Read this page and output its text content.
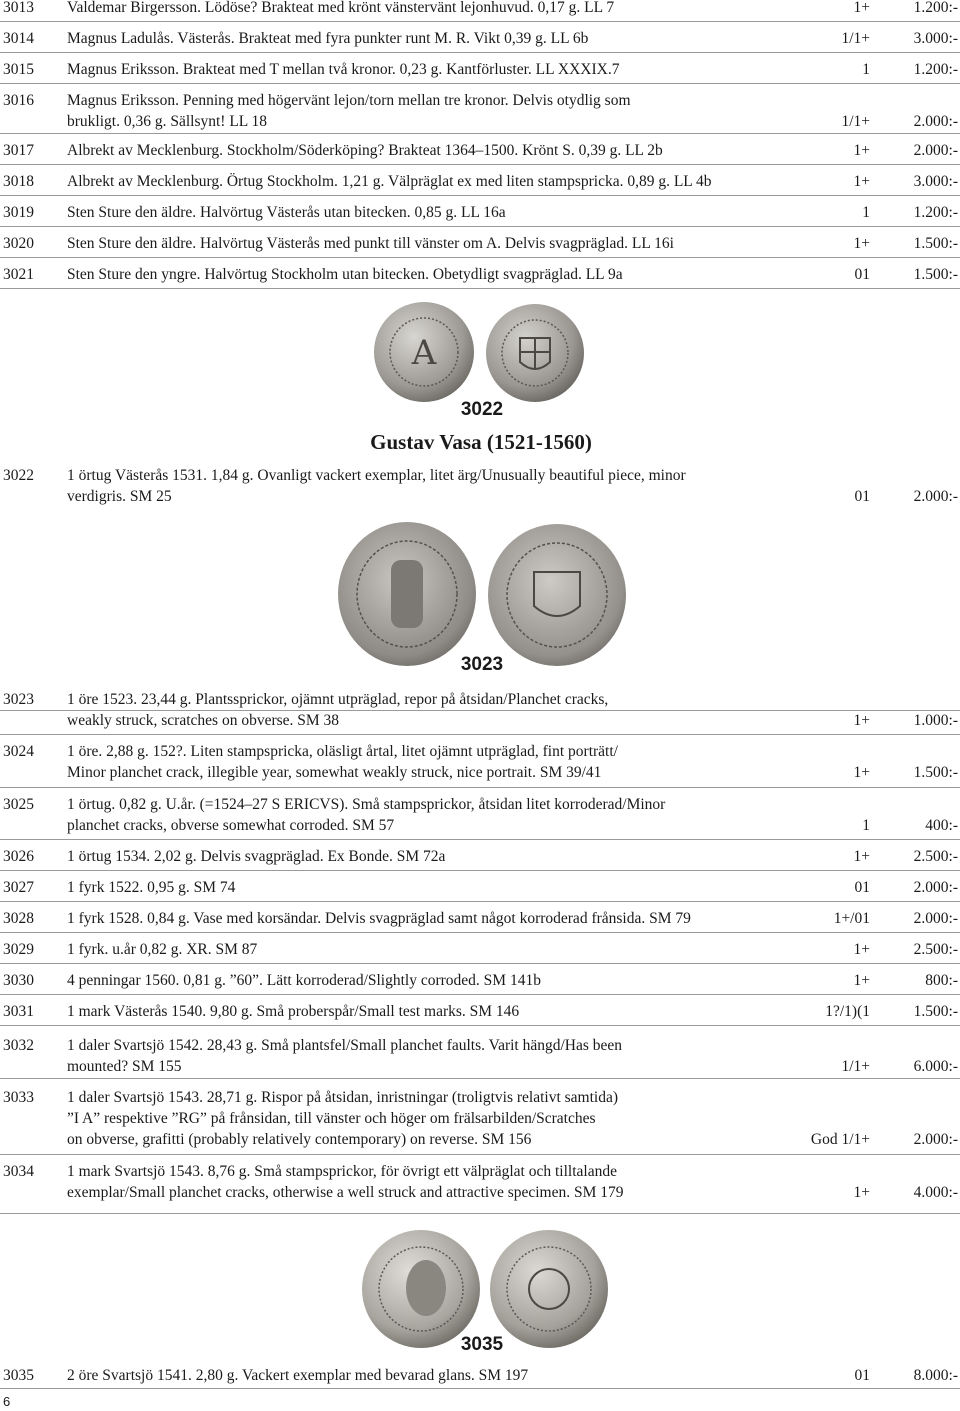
3013 Valdemar Birgersson. Lödöse? Brakteat med krönt vänstervänt lejonhuvud. 0,17 g. LL 7	1+	1.200:-
3014 Magnus Ladulås. Västerås. Brakteat med fyra punkter runt M. R. Vikt 0,39 g. LL 6b	1/1+	3.000:-
3015 Magnus Eriksson. Brakteat med T mellan två kronor. 0,23 g. Kantförluster. LL XXXIX.7	1	1.200:-
3016 Magnus Eriksson. Penning med högervänt lejon/torn mellan tre kronor. Delvis otydlig som
brukligt. 0,36 g. Sällsynt! LL 18	1/1+	2.000:-
3017 Albrekt av Mecklenburg. Stockholm/Söderköping? Brakteat 1364–1500. Krönt S. 0,39 g. LL 2b	1+	2.000:-
3018 Albrekt av Mecklenburg. Örtug Stockholm. 1,21 g. Välpräglat ex med liten stampspricka. 0,89 g. LL 4b	1+	3.000:-
3019 Sten Sture den äldre. Halvörtug Västerås utan bitecken. 0,85 g. LL 16a	1	1.200:-
3020 Sten Sture den äldre. Halvörtug Västerås med punkt till vänster om A. Delvis svagpräglad. LL 16i	1+	1.500:-
3021 Sten Sture den yngre. Halvörtug Stockholm utan bitecken. Obetydligt svagpräglad. LL 9a	01	1.500:-
3022 1 örtug Västerås 1531. 1,84 g. Ovanligt vackert exemplar, litet ärg/Unusually beautiful piece, minor
verdigris. SM 25	01	2.000:-
3023 1 öre 1523. 23,44 g. Plantssprickor, ojämnt utpräglad, repor på åtsidan/Planchet cracks,
weakly struck, scratches on obverse. SM 38	1+	1.000:-
3024 1 öre. 2,88 g. 152?. Liten stampspricka, oläsligt årtal, litet ojämnt utpräglad, fint porträtt/
Minor planchet crack, illegible year, somewhat weakly struck, nice portrait. SM 39/41	1+	1.500:-
3025 1 örtug. 0,82 g. U.år. (=1524–27 S ERICVS). Små stampsprickor, åtsidan litet korroderad/Minor
planchet cracks, obverse somewhat corroded. SM 57	1	400:-
3026 1 örtug 1534. 2,02 g. Delvis svagpräglad. Ex Bonde. SM 72a	1+	2.500:-
3027 1 fyrk 1522. 0,95 g. SM 74	01	2.000:-
3028 1 fyrk 1528. 0,84 g. Vase med korsändar. Delvis svagpräglad samt något korroderad frånsida. SM 79	1+/01	2.000:-
3029 1 fyrk. u.år 0,82 g. XR. SM 87	1+	2.500:-
3030 4 penningar 1560. 0,81 g. ”60”. Lätt korroderad/Slightly corroded. SM 141b	1+	800:-
3031 1 mark Västerås 1540. 9,80 g. Små proberspår/Small test marks. SM 146	1?/1)(1	1.500:-
3032 1 daler Svartsjö 1542. 28,43 g. Små plantsfel/Small planchet faults. Varit hängd/Has been
mounted? SM 155	1/1+	6.000:-
3033 1 daler Svartsjö 1543. 28,71 g. Rispor på åtsidan, inristningar (troligtvis relativt samtida)
”I A” respektive ”RG” på frånsidan, till vänster och höger om frälsarbilden/Scratches
on obverse, grafitti (probably relatively contemporary) on reverse. SM 156	God 1/1+	2.000:-
3034 1 mark Svartsjö 1543. 8,76 g. Små stampsprickor, för övrigt ett välpräglat och tilltalande
exemplar/Small planchet cracks, otherwise a well struck and attractive specimen. SM 179	1+	4.000:-
3035 2 öre Svartsjö 1541. 2,80 g. Vackert exemplar med bevarad glans. SM 197	01	8.000:-
Gustav Vasa (1521-1560)
A
3022
3023
3035
6
